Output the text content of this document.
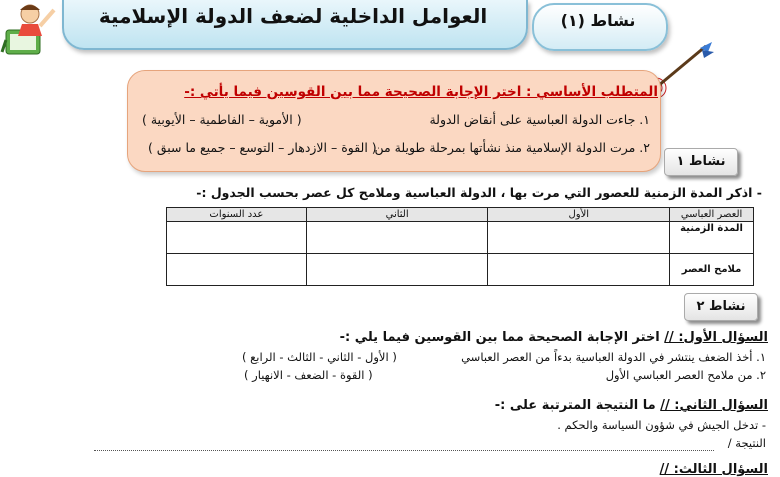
العوامل الداخلية لضعف الدولة الإسلامية	نشاط (١)
المتطلب الأساسي : اختر الإجابة الصحيحة مما بين القوسين فيما يأتي :-
١. جاءت الدولة العباسية على أنقاض الدولة
( الأموية – الفاطمية – الأيوبية )
٢. مرت الدولة الإسلامية منذ نشأتها بمرحلة طويلة من
( القوة – الازدهار – التوسع – جميع ما سبق )
نشاط ١
- اذكر المدة الزمنية للعصور التي مرت بها ، الدولة العباسية وملامح كل عصر بحسب الجدول :-
العصر العباسي	الأول	الثاني	عدد السنوات
المدة الزمنية			
ملامح العصر			
نشاط ٢
السؤال الأول: // اختر الإجابة الصحيحة مما بين القوسين فيما يلي :-
١. أخذ الضعف ينتشر في الدولة العباسية بدءاً من العصر العباسي
( الأول - الثاني - الثالث - الرابع )
٢. من ملامح العصر العباسي الأول
( القوة - الضعف - الانهيار )
السؤال الثاني: // ما النتيجة المترتبة على :-
- تدخل الجيش في شؤون السياسة والحكم .
النتيجة /
السؤال الثالث: //
